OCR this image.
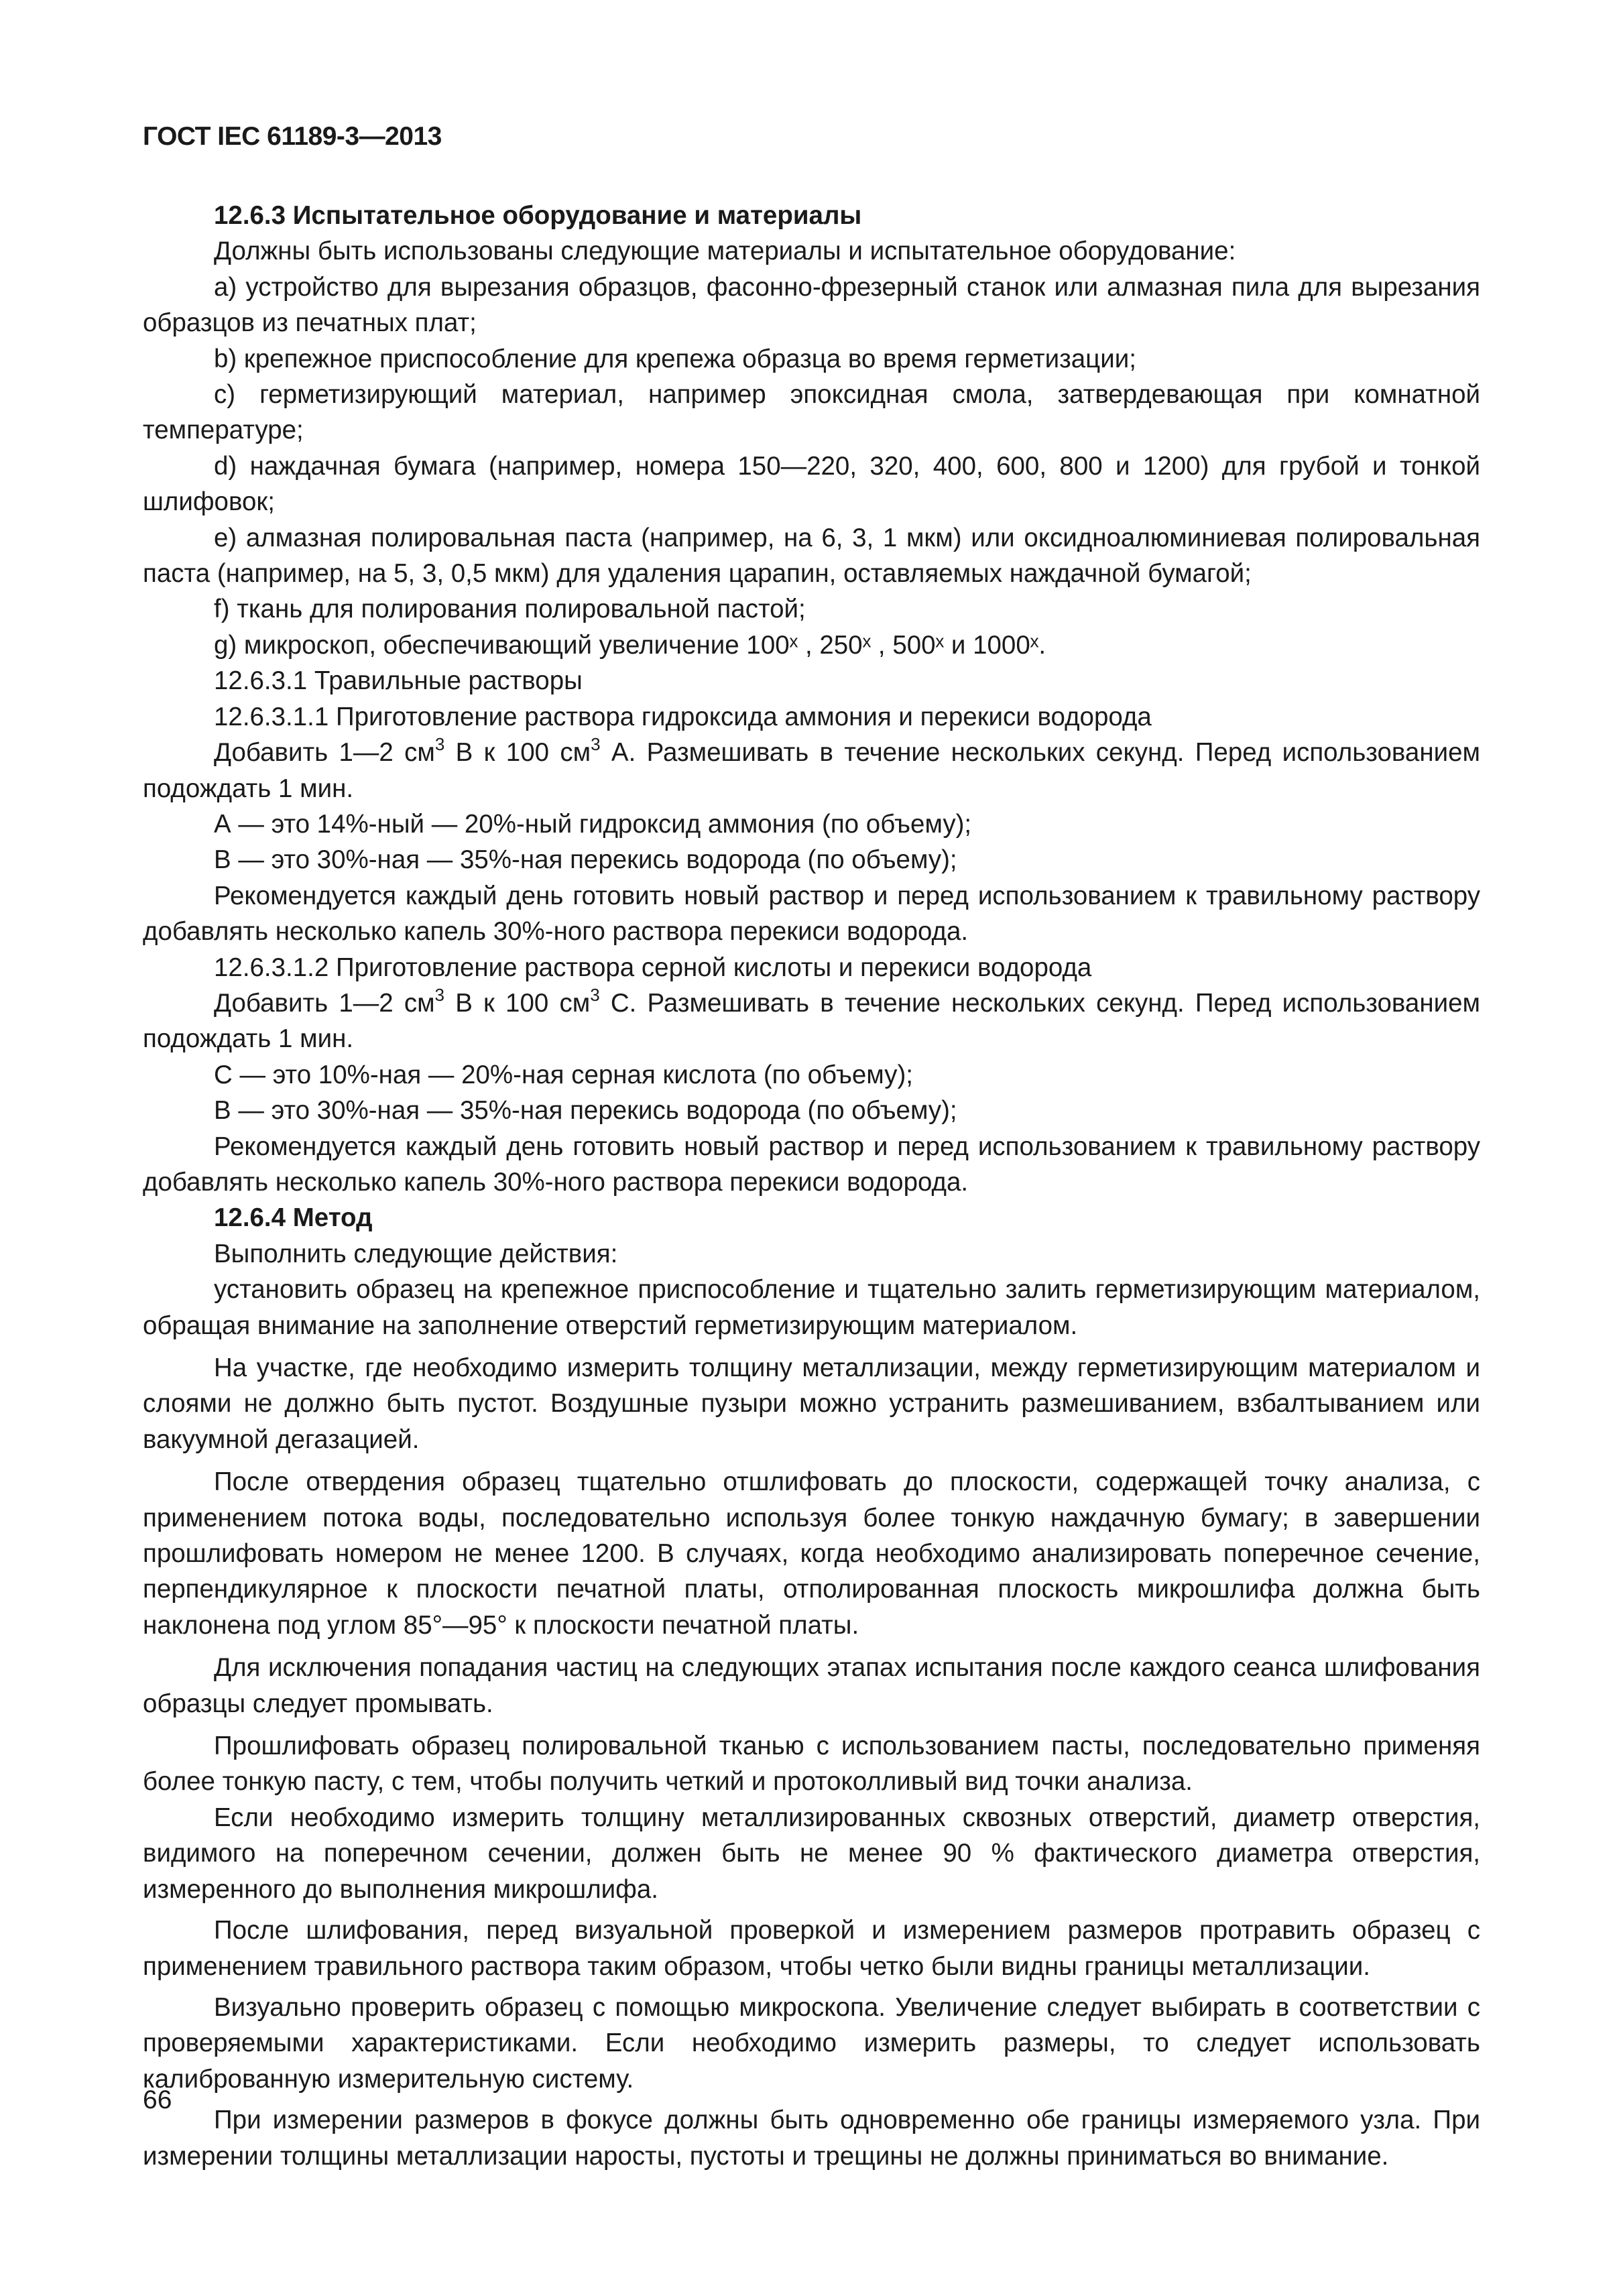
ГОСТ IEC 61189-3—2013

12.6.3 Испытательное оборудование и материалы

Должны быть использованы следующие материалы и испытательное оборудование:

a) устройство для вырезания образцов, фасонно-фрезерный станок или алмазная пила для вырезания образцов из печатных плат;

b) крепежное приспособление для крепежа образца во время герметизации;

c) герметизирующий материал, например эпоксидная смола, затвердевающая при комнатной температуре;

d) наждачная бумага (например, номера 150—220, 320, 400, 600, 800 и 1200) для грубой и тонкой шлифовок;

e) алмазная полировальная паста (например, на 6, 3, 1 мкм) или оксидноалюминиевая полировальная паста (например, на 5, 3, 0,5 мкм) для удаления царапин, оставляемых наждачной бумагой;

f) ткань для полирования полировальной пастой;

g) микроскоп, обеспечивающий увеличение 100ˣ , 250ˣ , 500ˣ и 1000ˣ.

12.6.3.1 Травильные растворы

12.6.3.1.1 Приготовление раствора гидроксида аммония и перекиси водорода

Добавить 1—2 $см^3$ В к 100 $см^3$ А. Размешивать в течение нескольких секунд. Перед использованием подождать 1 мин.

А — это 14%-ный — 20%-ный гидроксид аммония (по объему);

В — это 30%-ная — 35%-ная перекись водорода (по объему);

Рекомендуется каждый день готовить новый раствор и перед использованием к травильному раствору добавлять несколько капель 30%-ного раствора перекиси водорода.

12.6.3.1.2 Приготовление раствора серной кислоты и перекиси водорода

Добавить 1—2 $см^3$ В к 100 $см^3$ С. Размешивать в течение нескольких секунд. Перед использованием подождать 1 мин.

С — это 10%-ная — 20%-ная серная кислота (по объему);

В — это 30%-ная — 35%-ная перекись водорода (по объему);

Рекомендуется каждый день готовить новый раствор и перед использованием к травильному раствору добавлять несколько капель 30%-ного раствора перекиси водорода.

12.6.4 Метод

Выполнить следующие действия:

установить образец на крепежное приспособление и тщательно залить герметизирующим материалом, обращая внимание на заполнение отверстий герметизирующим материалом.

На участке, где необходимо измерить толщину металлизации, между герметизирующим материалом и слоями не должно быть пустот. Воздушные пузыри можно устранить размешиванием, взбалтыванием или вакуумной дегазацией.

После отвердения образец тщательно отшлифовать до плоскости, содержащей точку анализа, с применением потока воды, последовательно используя более тонкую наждачную бумагу; в завершении прошлифовать номером не менее 1200. В случаях, когда необходимо анализировать поперечное сечение, перпендикулярное к плоскости печатной платы, отполированная плоскость микрошлифа должна быть наклонена под углом 85°—95° к плоскости печатной платы.

Для исключения попадания частиц на следующих этапах испытания после каждого сеанса шлифования образцы следует промывать.

Прошлифовать образец полировальной тканью с использованием пасты, последовательно применяя более тонкую пасту, с тем, чтобы получить четкий и протоколливый вид точки анализа.

Если необходимо измерить толщину металлизированных сквозных отверстий, диаметр отверстия, видимого на поперечном сечении, должен быть не менее 90 % фактического диаметра отверстия, измеренного до выполнения микрошлифа.

После шлифования, перед визуальной проверкой и измерением размеров протравить образец с применением травильного раствора таким образом, чтобы четко были видны границы металлизации.

Визуально проверить образец с помощью микроскопа. Увеличение следует выбирать в соответствии с проверяемыми характеристиками. Если необходимо измерить размеры, то следует использовать калиброванную измерительную систему.

При измерении размеров в фокусе должны быть одновременно обе границы измеряемого узла. При измерении толщины металлизации наросты, пустоты и трещины не должны приниматься во внимание.

66
